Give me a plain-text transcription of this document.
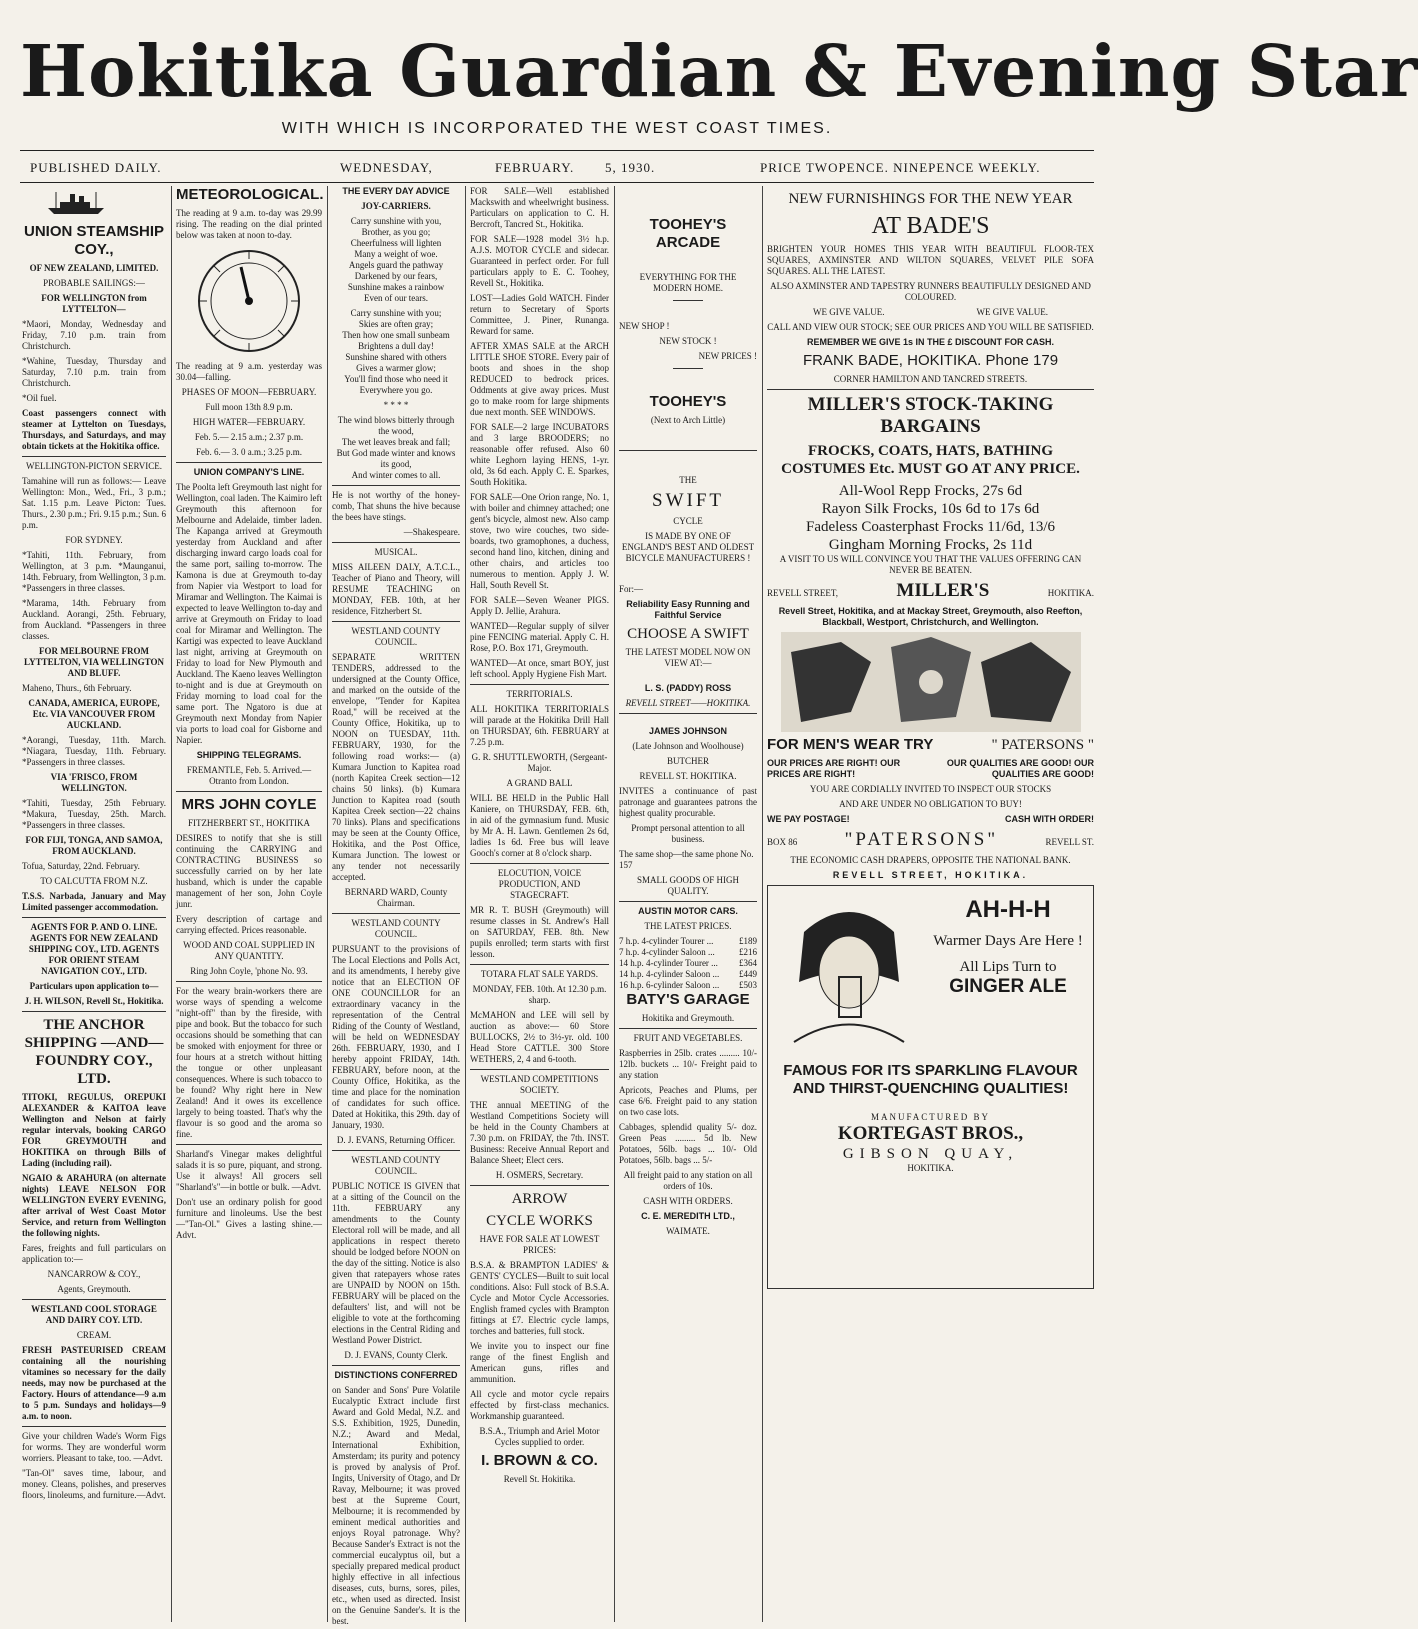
Hokitika Guardian & Evening Star
WITH WHICH IS INCORPORATED THE WEST COAST TIMES.
PUBLISHED DAILY.	WEDNESDAY,	FEBRUARY. 5, 1930.	PRICE TWOPENCE. NINEPENCE WEEKLY.
UNION STEAMSHIP COY.,
OF NEW ZEALAND, LIMITED.
PROBABLE SAILINGS:—
FOR WELLINGTON from LYTTELTON—
*Maori, Monday, Wednesday and Friday, 7.10 p.m. train from Christchurch.
*Wahine, Tuesday, Thursday and Saturday, 7.10 p.m. train from Christchurch.
*Oil fuel.
Coast passengers connect with steamer at Lyttelton on Tuesdays, Thursdays, and Saturdays, and may obtain tickets at the Hokitika office.
WELLINGTON-PICTON SERVICE.
Tamahine will run as follows:— Leave Wellington: Mon., Wed., Fri., 3 p.m.; Sat. 1.15 p.m. Leave Picton: Tues. Thurs., 2.30 p.m.; Fri. 9.15 p.m.; Sun. 6 p.m.
FOR SYDNEY.
*Tahiti, 11th. February, from Wellington, at 3 p.m. *Maunganui, 14th. February, from Wellington, 3 p.m. *Passengers in three classes.
*Marama, 14th. February from Auckland. Aorangi, 25th. February, from Auckland. *Passengers in three classes.
FOR MELBOURNE FROM LYTTELTON, VIA WELLINGTON AND BLUFF.
Maheno, Thurs., 6th February.
CANADA, AMERICA, EUROPE, Etc. VIA VANCOUVER FROM AUCKLAND.
*Aorangi, Tuesday, 11th. March. *Niagara, Tuesday, 11th. February. *Passengers in three classes.
VIA 'FRISCO, FROM WELLINGTON.
*Tahiti, Tuesday, 25th February. *Makura, Tuesday, 25th. March. *Passengers in three classes.
FOR FIJI, TONGA, AND SAMOA, FROM AUCKLAND.
Tofua, Saturday, 22nd. February.
TO CALCUTTA FROM N.Z.
T.S.S. Narbada, January and May Limited passenger accommodation.
AGENTS FOR P. AND O. LINE. AGENTS FOR NEW ZEALAND SHIPPING COY., LTD. AGENTS FOR ORIENT STEAM NAVIGATION COY., LTD.
Particulars upon application to—
J. H. WILSON, Revell St., Hokitika.
THE ANCHOR SHIPPING —AND— FOUNDRY COY., LTD.
TITOKI, REGULUS, OREPUKI ALEXANDER & KAITOA leave Wellington and Nelson at fairly regular intervals, booking CARGO FOR GREYMOUTH and HOKITIKA on through Bills of Lading (including rail).
NGAIO & ARAHURA (on alternate nights) LEAVE NELSON FOR WELLINGTON EVERY EVENING, after arrival of West Coast Motor Service, and return from Wellington the following nights.
Fares, freights and full particulars on application to:—
NANCARROW & COY.,
Agents, Greymouth.
WESTLAND COOL STORAGE AND DAIRY COY. LTD.
CREAM.
FRESH PASTEURISED CREAM containing all the nourishing vitamines so necessary for the daily needs, may now be purchased at the Factory. Hours of attendance—9 a.m to 5 p.m. Sundays and holidays—9 a.m. to noon.
Give your children Wade's Worm Figs for worms. They are wonderful worm worriers. Pleasant to take, too. —Advt.
"Tan-Ol" saves time, labour, and money. Cleans, polishes, and preserves floors, linoleums, and furniture.—Advt.
METEOROLOGICAL.
The reading at 9 a.m. to-day was 29.99 rising. The reading on the dial printed below was taken at noon to-day.
The reading at 9 a.m. yesterday was 30.04—falling.
PHASES OF MOON—FEBRUARY.
Full moon 13th 8.9 p.m.
HIGH WATER—FEBRUARY.
Feb. 5.— 2.15 a.m.; 2.37 p.m.
Feb. 6.— 3. 0 a.m.; 3.25 p.m.
UNION COMPANY'S LINE.
The Poolta left Greymouth last night for Wellington, coal laden. The Kaimiro left Greymouth this afternoon for Melbourne and Adelaide, timber laden. The Kapanga arrived at Greymouth yesterday from Auckland and after discharging inward cargo loads coal for the same port, sailing to-morrow. The Kamona is due at Greymouth to-day from Napier via Westport to load for Miramar and Wellington. The Kaimai is expected to leave Wellington to-day and arrive at Greymouth on Friday to load coal for Miramar and Wellington. The Kartigi was expected to leave Auckland last night, arriving at Greymouth on Friday to load for New Plymouth and Auckland. The Kaeno leaves Wellington to-night and is due at Greymouth on Friday morning to load coal for the same port. The Ngatoro is due at Greymouth next Monday from Napier via ports to load coal for Gisborne and Napier.
SHIPPING TELEGRAMS.
FREMANTLE, Feb. 5. Arrived.—Otranto from London.
MRS JOHN COYLE
FITZHERBERT ST., HOKITIKA
DESIRES to notify that she is still continuing the CARRYING and CONTRACTING BUSINESS so successfully carried on by her late husband, which is under the capable management of her son, John Coyle junr.
Every description of cartage and carrying effected. Prices reasonable.
WOOD AND COAL SUPPLIED IN ANY QUANTITY.
Ring John Coyle, 'phone No. 93.
For the weary brain-workers there are worse ways of spending a welcome "night-off" than by the fireside, with pipe and book. But the tobacco for such occasions should be something that can be smoked with enjoyment for three or four hours at a stretch without hitting the tongue or other unpleasant consequences. Where is such tobacco to be found? Why right here in New Zealand! And it owes its excellence largely to being toasted. That's why the flavour is so good and the aroma so fine.
Sharland's Vinegar makes delightful salads it is so pure, piquant, and strong. Use it always! All grocers sell "Sharland's"—in bottle or bulk. —Advt.
Don't use an ordinary polish for good furniture and linoleums. Use the best —"Tan-Ol." Gives a lasting shine.—Advt.
THE EVERY DAY ADVICE
JOY-CARRIERS.
Carry sunshine with you,
Brother, as you go;
Cheerfulness will lighten
Many a weight of woe.
Angels guard the pathway
Darkened by our fears,
Sunshine makes a rainbow
Even of our tears.
Carry sunshine with you;
Skies are often gray;
Then how one small sunbeam
Brightens a dull day!
Sunshine shared with others
Gives a warmer glow;
You'll find those who need it
Everywhere you go.
* * * *
The wind blows bitterly through the wood,
The wet leaves break and fall;
But God made winter and knows its good,
And winter comes to all.
He is not worthy of the honey-comb, That shuns the hive because the bees have stings.
—Shakespeare.
MUSICAL.
MISS AILEEN DALY, A.T.C.L., Teacher of Piano and Theory, will RESUME TEACHING on MONDAY, FEB. 10th, at her residence, Fitzherbert St.
WESTLAND COUNTY COUNCIL.
SEPARATE WRITTEN TENDERS, addressed to the undersigned at the County Office, and marked on the outside of the envelope, "Tender for Kapitea Road," will be received at the County Office, Hokitika, up to NOON on TUESDAY, 11th. FEBRUARY, 1930, for the following road works:— (a) Kumara Junction to Kapitea road (north Kapitea Creek section—12 chains 50 links). (b) Kumara Junction to Kapitea road (south Kapitea Creek section—22 chains 70 links). Plans and specifications may be seen at the County Office, Hokitika, and the Post Office, Kumara Junction. The lowest or any tender not necessarily accepted.
BERNARD WARD, County Chairman.
WESTLAND COUNTY COUNCIL.
PURSUANT to the provisions of The Local Elections and Polls Act, and its amendments, I hereby give notice that an ELECTION OF ONE COUNCILLOR for an extraordinary vacancy in the representation of the Central Riding of the County of Westland, will be held on WEDNESDAY 26th. FEBRUARY, 1930, and I hereby appoint FRIDAY, 14th. FEBRUARY, before noon, at the County Office, Hokitika, as the time and place for the nomination of candidates for such office. Dated at Hokitika, this 29th. day of January, 1930.
D. J. EVANS, Returning Officer.
WESTLAND COUNTY COUNCIL.
PUBLIC NOTICE IS GIVEN that at a sitting of the Council on the 11th. FEBRUARY any amendments to the County Electoral roll will be made, and all applications in respect thereto should be lodged before NOON on the day of the sitting. Notice is also given that ratepayers whose rates are UNPAID by NOON on 15th. FEBRUARY will be placed on the defaulters' list, and will not be eligible to vote at the forthcoming elections in the Central Riding and Westland Power District.
D. J. EVANS, County Clerk.
DISTINCTIONS CONFERRED
on Sander and Sons' Pure Volatile Eucalyptic Extract include first Award and Gold Medal, N.Z. and S.S. Exhibition, 1925, Dunedin, N.Z.; Award and Medal, International Exhibition, Amsterdam; its purity and potency is proved by analysis of Prof. Ingits, University of Otago, and Dr Ravay, Melbourne; it was proved best at the Supreme Court, Melbourne; it is recommended by eminent medical authorities and enjoys Royal patronage. Why? Because Sander's Extract is not the commercial eucalyptus oil, but a specially prepared medical product highly effective in all infectious diseases, cuts, burns, sores, piles, etc., when used as directed. Insist on the Genuine Sander's. It is the best.
FOR SALE—Well established Mackswith and wheelwright business. Particulars on application to C. H. Bercroft, Tancred St., Hokitika.
FOR SALE—1928 model 3½ h.p. A.J.S. MOTOR CYCLE and sidecar. Guaranteed in perfect order. For full particulars apply to E. C. Toohey, Revell St., Hokitika.
LOST—Ladies Gold WATCH. Finder return to Secretary of Sports Committee, J. Piner, Runanga. Reward for same.
AFTER XMAS SALE at the ARCH LITTLE SHOE STORE. Every pair of boots and shoes in the shop REDUCED to bedrock prices. Oddments at give away prices. Must go to make room for large shipments due next month. SEE WINDOWS.
FOR SALE—2 large INCUBATORS and 3 large BROODERS; no reasonable offer refused. Also 60 white Leghorn laying HENS, 1-yr. old, 3s 6d each. Apply C. E. Sparkes, South Hokitika.
FOR SALE—One Orion range, No. 1, with boiler and chimney attached; one gent's bicycle, almost new. Also camp stove, two wire couches, two side-boards, two gramophones, a duchess, second hand lino, kitchen, dining and other chairs, and articles too numerous to mention. Apply J. W. Hall, South Revell St.
FOR SALE—Seven Weaner PIGS. Apply D. Jellie, Arahura.
WANTED—Regular supply of silver pine FENCING material. Apply C. H. Rose, P.O. Box 171, Greymouth.
WANTED—At once, smart BOY, just left school. Apply Hygiene Fish Mart.
TERRITORIALS.
ALL HOKITIKA TERRITORIALS will parade at the Hokitika Drill Hall on THURSDAY, 6th. FEBRUARY at 7.25 p.m.
G. R. SHUTTLEWORTH, (Sergeant-Major.
A GRAND BALL
WILL BE HELD in the Public Hall Kaniere, on THURSDAY, FEB. 6th, in aid of the gymnasium fund. Music by Mr A. H. Lawn. Gentlemen 2s 6d, ladies 1s 6d. Free bus will leave Gooch's corner at 8 o'clock sharp.
ELOCUTION, VOICE PRODUCTION, AND STAGECRAFT.
MR R. T. BUSH (Greymouth) will resume classes in St. Andrew's Hall on SATURDAY, FEB. 8th. New pupils enrolled; term starts with first lesson.
TOTARA FLAT SALE YARDS.
MONDAY, FEB. 10th. At 12.30 p.m. sharp.
McMAHON and LEE will sell by auction as above:— 60 Store BULLOCKS, 2½ to 3½-yr. old. 100 Head Store CATTLE. 300 Store WETHERS, 2, 4 and 6-tooth.
WESTLAND COMPETITIONS SOCIETY.
THE annual MEETING of the Westland Competitions Society will be held in the County Chambers at 7.30 p.m. on FRIDAY, the 7th. INST. Business: Receive Annual Report and Balance Sheet; Elect cers.
H. OSMERS, Secretary.
ARROW
CYCLE WORKS
HAVE FOR SALE AT LOWEST PRICES:
B.S.A. & BRAMPTON LADIES' & GENTS' CYCLES—Built to suit local conditions. Also: Full stock of B.S.A. Cycle and Motor Cycle Accessories. English framed cycles with Brampton fittings at £7. Electric cycle lamps, torches and batteries, full stock.
We invite you to inspect our fine range of the finest English and American guns, rifles and ammunition.
All cycle and motor cycle repairs effected by first-class mechanics. Workmanship guaranteed.
B.S.A., Triumph and Ariel Motor Cycles supplied to order.
I. BROWN & CO.
Revell St. Hokitika.
TOOHEY'S ARCADE
EVERYTHING FOR THE MODERN HOME.
NEW SHOP !
NEW STOCK !
NEW PRICES !
TOOHEY'S
(Next to Arch Little)
THE
SWIFT
CYCLE
IS MADE BY ONE OF ENGLAND'S BEST AND OLDEST BICYCLE MANUFACTURERS !
For:—
Reliability Easy Running and Faithful Service
CHOOSE A SWIFT
THE LATEST MODEL NOW ON VIEW AT:—
L. S. (PADDY) ROSS
REVELL STREET——HOKITIKA.
JAMES JOHNSON
(Late Johnson and Woolhouse)
BUTCHER
REVELL ST. HOKITIKA.
INVITES a continuance of past patronage and guarantees patrons the highest quality procurable.
Prompt personal attention to all business.
The same shop—the same phone No. 157
SMALL GOODS OF HIGH QUALITY.
AUSTIN MOTOR CARS.
THE LATEST PRICES.
7 h.p. 4-cylinder Tourer ...	£189
7 h.p. 4-cylinder Saloon ...	£216
14 h.p. 4-cylinder Tourer ... £364
14 h.p. 4-cylinder Saloon ... £449
16 h.p. 6-cylinder Saloon ... £503
BATY'S GARAGE
Hokitika and Greymouth.
FRUIT AND VEGETABLES.
Raspberries in 25lb. crates ......... 10/- 12lb. buckets ... 10/- Freight paid to any station
Apricots, Peaches and Plums, per case 6/6. Freight paid to any station on two case lots.
Cabbages, splendid quality 5/- doz. Green Peas ......... 5d lb. New Potatoes, 56lb. bags ... 10/- Old Potatoes, 56lb. bags ... 5/-
All freight paid to any station on all orders of 10s.
CASH WITH ORDERS.
C. E. MEREDITH LTD.,
WAIMATE.
NEW FURNISHINGS FOR THE NEW YEAR
AT BADE'S
BRIGHTEN YOUR HOMES THIS YEAR WITH BEAUTIFUL FLOOR-TEX SQUARES, AXMINSTER AND WILTON SQUARES, VELVET PILE SOFA SQUARES. ALL THE LATEST.
ALSO AXMINSTER AND TAPESTRY RUNNERS BEAUTIFULLY DESIGNED AND COLOURED.
WE GIVE VALUE.	WE GIVE VALUE.
CALL AND VIEW OUR STOCK; SEE OUR PRICES AND YOU WILL BE SATISFIED.
REMEMBER WE GIVE 1s IN THE £ DISCOUNT FOR CASH.
FRANK BADE, HOKITIKA. Phone 179
CORNER HAMILTON AND TANCRED STREETS.
MILLER'S STOCK-TAKING BARGAINS
FROCKS, COATS, HATS, BATHING COSTUMES Etc. MUST GO AT ANY PRICE.
All-Wool Repp Frocks, 27s 6d
Rayon Silk Frocks, 10s 6d to 17s 6d
Fadeless Coasterphast Frocks 11/6d, 13/6
Gingham Morning Frocks, 2s 11d
A VISIT TO US WILL CONVINCE YOU THAT THE VALUES OFFERING CAN NEVER BE BEATEN.
REVELL STREET,	MILLER'S	HOKITIKA.
Revell Street, Hokitika, and at Mackay Street, Greymouth, also Reefton, Blackball, Westport, Christchurch, and Wellington.
FOR MEN'S WEAR TRY	" PATERSONS "
OUR PRICES ARE RIGHT! OUR PRICES ARE RIGHT!
OUR QUALITIES ARE GOOD! OUR QUALITIES ARE GOOD!
YOU ARE CORDIALLY INVITED TO INSPECT OUR STOCKS
AND ARE UNDER NO OBLIGATION TO BUY!
WE PAY POSTAGE!	CASH WITH ORDER!
BOX 86 "PATERSONS"	REVELL ST.
THE ECONOMIC CASH DRAPERS, OPPOSITE THE NATIONAL BANK.
REVELL STREET, HOKITIKA.
AH-H-H
Warmer Days Are Here !
All Lips Turn to
GINGER ALE
FAMOUS FOR ITS SPARKLING FLAVOUR AND THIRST-QUENCHING QUALITIES!
MANUFACTURED BY
KORTEGAST BROS.,
GIBSON QUAY,
HOKITIKA.
